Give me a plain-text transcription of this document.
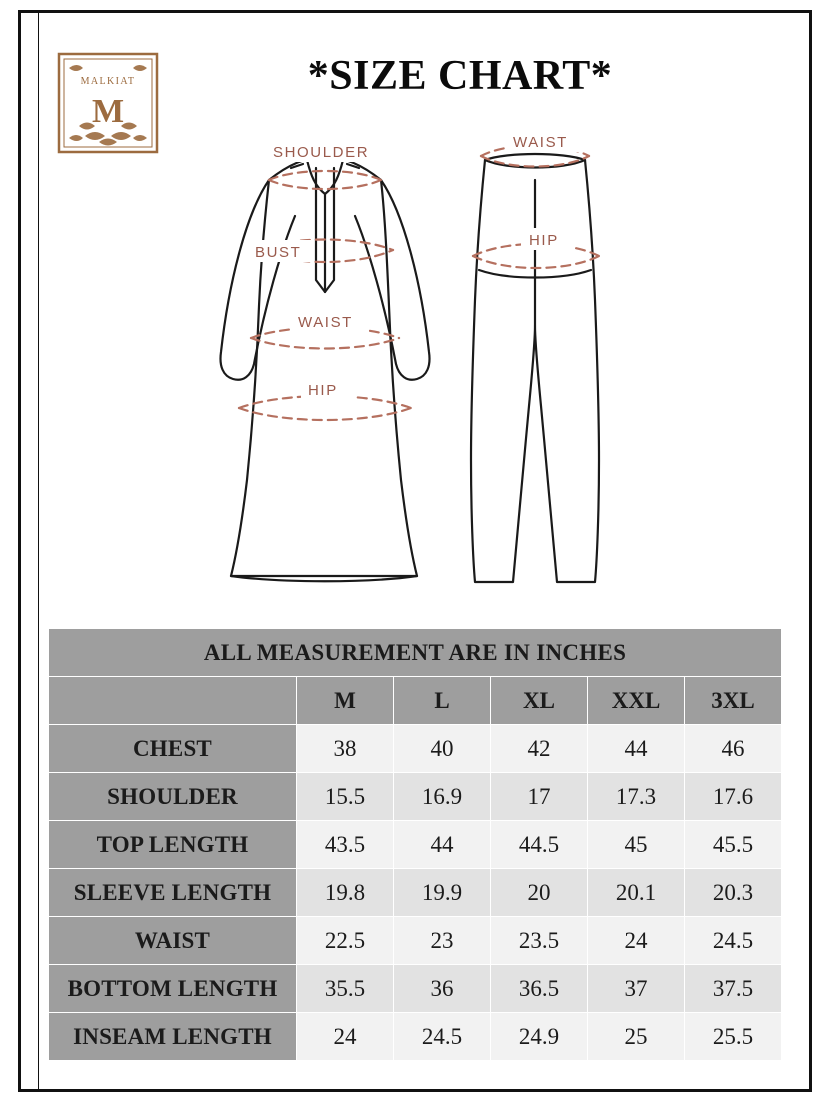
MALKIAT
M
*SIZE CHART*
SHOULDER
BUST
WAIST
HIP
WAIST
HIP
ALL MEASUREMENT ARE IN INCHES					
	M	L	XL	XXL	3XL
CHEST	38	40	42	44	46
SHOULDER	15.5	16.9	17	17.3	17.6
TOP LENGTH	43.5	44	44.5	45	45.5
SLEEVE LENGTH	19.8	19.9	20	20.1	20.3
WAIST	22.5	23	23.5	24	24.5
BOTTOM LENGTH	35.5	36	36.5	37	37.5
INSEAM LENGTH	24	24.5	24.9	25	25.5
